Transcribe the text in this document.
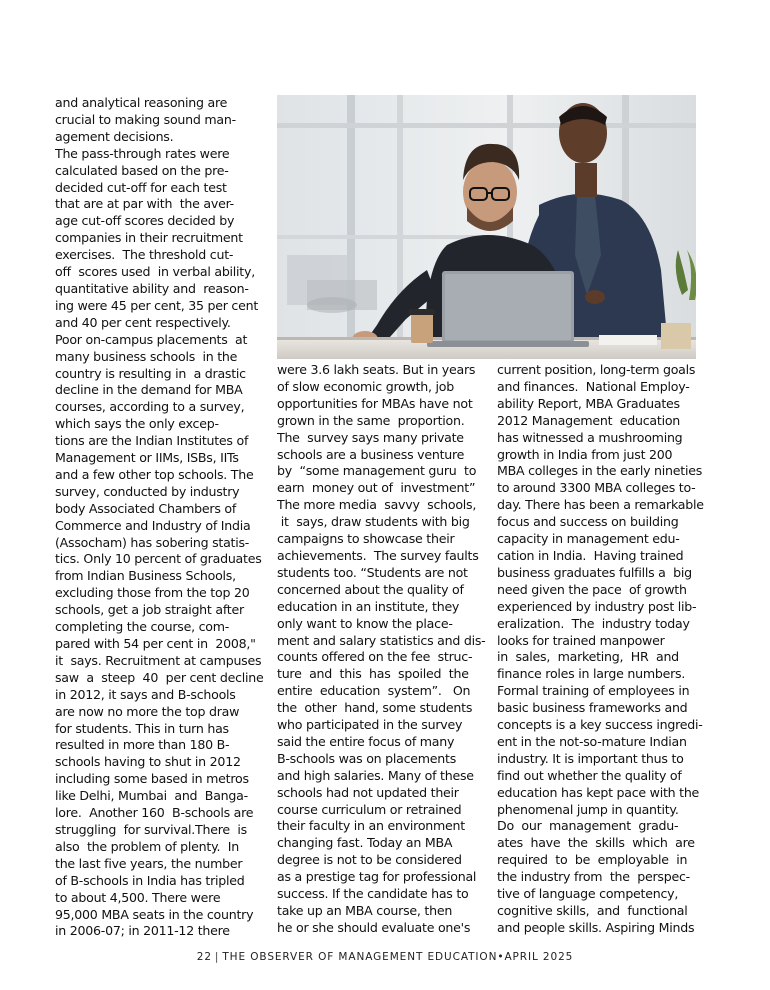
and analytical reasoning are

crucial to making sound man-

agement decisions.

The pass-through rates were

calculated based on the pre-

decided cut-off for each test

that are at par with  the aver-

age cut-off scores decided by

companies in their recruitment

exercises.  The threshold cut-

off  scores used  in verbal ability,

quantitative ability and  reason-

ing were 45 per cent, 35 per cent

and 40 per cent respectively.

Poor on-campus placements  at

many business schools  in the

country is resulting in  a drastic

decline in the demand for MBA

courses, according to a survey,

which says the only excep-

tions are the Indian Institutes of

Management or IIMs, ISBs, IITs

and a few other top schools. The

survey, conducted by industry

body Associated Chambers of

Commerce and Industry of India

(Assocham) has sobering statis-

tics. Only 10 percent of graduates

from Indian Business Schools,

excluding those from the top 20

schools, get a job straight after

completing the course, com-

pared with 54 per cent in  2008,"

it  says. Recruitment at campuses

saw  a  steep  40  per cent decline

in 2012, it says and B-schools

are now no more the top draw

for students. This in turn has

resulted in more than 180 B-

schools having to shut in 2012

including some based in metros

like Delhi, Mumbai  and  Banga-

lore.  Another 160  B-schools are

struggling  for survival.There  is

also  the problem of plenty.  In

the last five years, the number

of B-schools in India has tripled

to about 4,500. There were

95,000 MBA seats in the country

in 2006-07; in 2011-12 there

were 3.6 lakh seats. But in years

of slow economic growth, job

opportunities for MBAs have not

grown in the same  proportion.

The  survey says many private

schools are a business venture

by  “some management guru  to

earn  money out of  investment”

The more media  savvy  schools,

it  says, draw students with big

campaigns to showcase their

achievements.  The survey faults

students too. “Students are not

concerned about the quality of

education in an institute, they

only want to know the place-

ment and salary statistics and dis-

counts offered on the fee  struc-

ture  and  this  has  spoiled  the

entire  education  system”.   On

the  other  hand, some students

who participated in the survey

said the entire focus of many

B-schools was on placements

and high salaries. Many of these

schools had not updated their

course curriculum or retrained

their faculty in an environment

changing fast. Today an MBA

degree is not to be considered

as a prestige tag for professional

success. If the candidate has to

take up an MBA course, then

he or she should evaluate one's

current position, long-term goals

and finances.  National Employ-

ability Report, MBA Graduates

2012 Management  education

has witnessed a mushrooming

growth in India from just 200

MBA colleges in the early nineties

to around 3300 MBA colleges to-

day. There has been a remarkable

focus and success on building

capacity in management edu-

cation in India.  Having trained

business graduates fulfills a  big

need given the pace  of growth

experienced by industry post lib-

eralization.  The  industry today

looks for trained manpower

in  sales,  marketing,  HR  and

finance roles in large numbers.

Formal training of employees in

basic business frameworks and

concepts is a key success ingredi-

ent in the not-so-mature Indian

industry. It is important thus to

find out whether the quality of

education has kept pace with the

phenomenal jump in quantity.

Do  our  management  gradu-

ates  have  the  skills  which  are

required  to  be  employable  in

the industry from  the  perspec-

tive of language competency,

cognitive skills,  and  functional

and people skills. Aspiring Minds

22 | THE OBSERVER OF MANAGEMENT EDUCATION•APRIL 2025
